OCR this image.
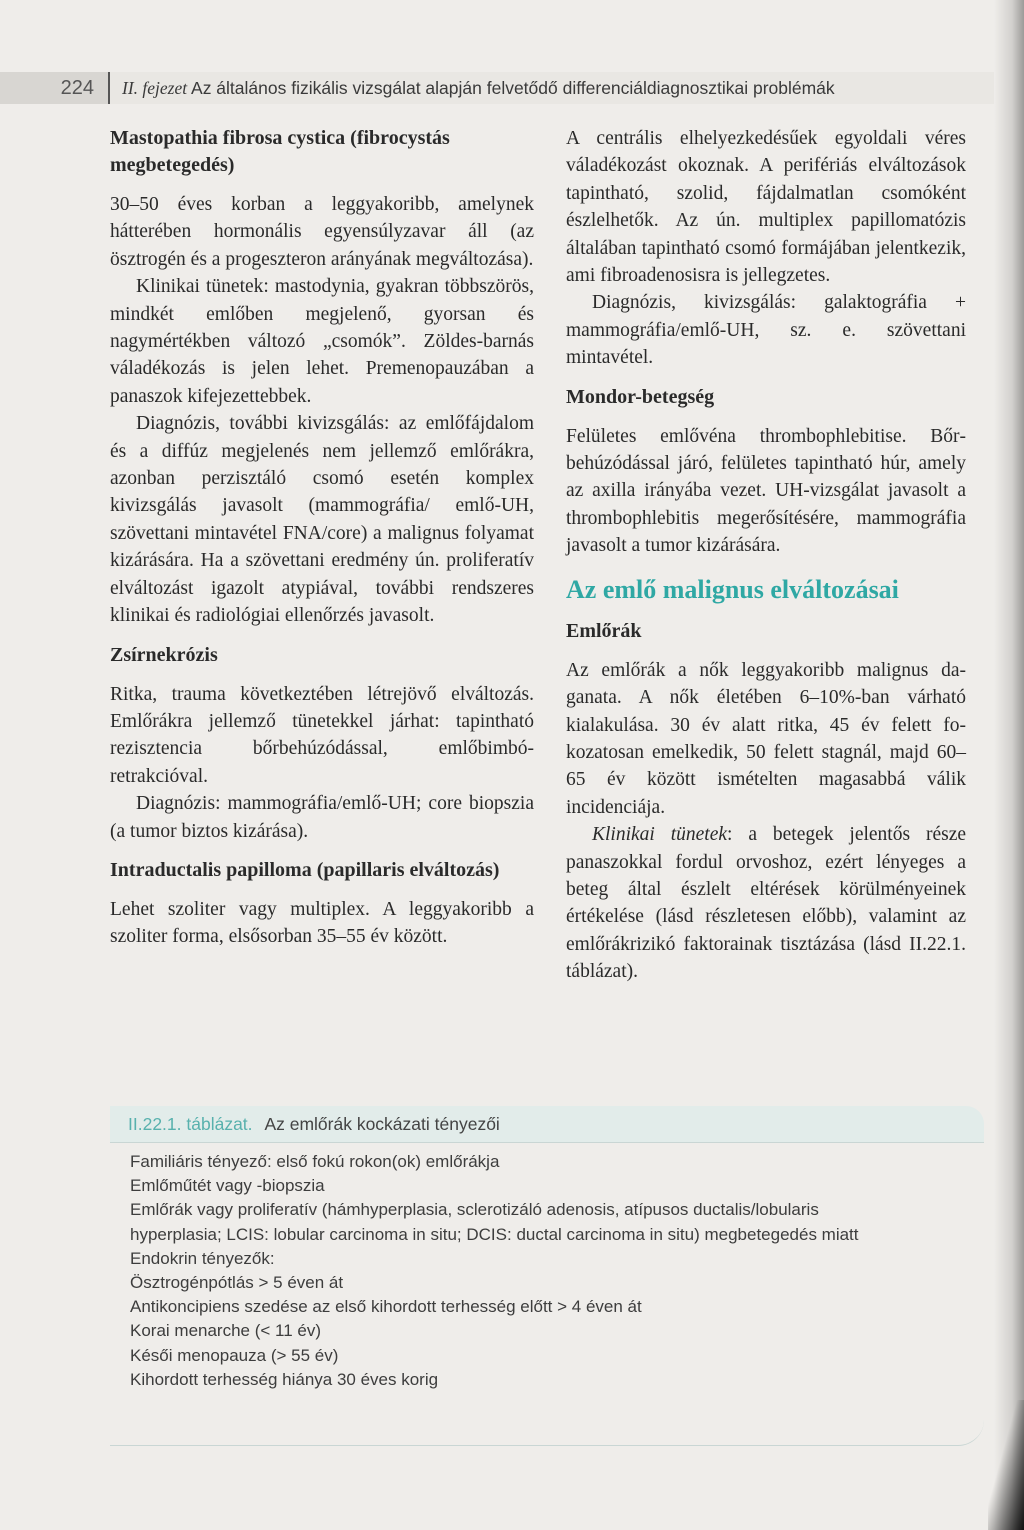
224	II. fejezet Az általános fizikális vizsgálat alapján felvetődő differenciáldiagnosztikai problémák
Mastopathia fibrosa cystica (fibrocystás megbetegedés)

30–50 éves korban a leggyakoribb, amelynek hátterében hormonális egyensúlyzavar áll (az ösztrogén és a progeszteron arányának megváltozása).

Klinikai tünetek: mastodynia, gyakran többszörös, mindkét emlőben megjelenő, gyorsan és nagymértékben változó „csomók”. Zöldes-barnás váladékozás is jelen lehet. Premenopauzában a panaszok kifejezettebbek.

Diagnózis, további kivizsgálás: az emlőfájdalom és a diffúz megjelenés nem jellemző emlőrákra, azonban perzisztáló csomó esetén komplex kivizsgálás javasolt (mammográfia/ emlő-UH, szövettani mintavétel FNA/core) a malignus folyamat kizárására. Ha a szövettani eredmény ún. proliferatív elváltozást igazolt atypiával, további rendszeres klinikai és radiológiai ellenőrzés javasolt.

Zsírnekrózis

Ritka, trauma következtében létrejövő elváltozás. Emlőrákra jellemző tünetekkel járhat: tapintható rezisztencia bőrbehúzódással, emlőbimbó-retrakcióval.

Diagnózis: mammográfia/emlő-UH; core biopszia (a tumor biztos kizárása).

Intraductalis papilloma (papillaris elváltozás)

Lehet szoliter vagy multiplex. A leggyakoribb a szoliter forma, elsősorban 35–55 év között.

A centrális elhelyezkedésűek egyoldali véres váladékozást okoznak. A perifériás elváltozások tapintható, szolid, fájdalmatlan csomóként észlelhetők. Az ún. multiplex papillomatózis általában tapintható csomó formájában jelentkezik, ami fibroadenosisra is jellegzetes.

Diagnózis, kivizsgálás: galaktográfia + mammográfia/emlő-UH, sz. e. szövettani mintavétel.

Mondor-betegség

Felületes emlővéna thrombophlebitise. Bőrbehúzódással járó, felületes tapintható húr, amely az axilla irányába vezet. UH-vizsgálat javasolt a thrombophlebitis megerősítésére, mammográfia javasolt a tumor kizárására.

Az emlő malignus elváltozásai
Emlőrák

Az emlőrák a nők leggyakoribb malignus daganata. A nők életében 6–10%-ban várható kialakulása. 30 év alatt ritka, 45 év felett fokozatosan emelkedik, 50 felett stagnál, majd 60–65 év között ismételten magasabbá válik incidenciája.

Klinikai tünetek: a betegek jelentős része panaszokkal fordul orvoshoz, ezért lényeges a beteg által észlelt eltérések körülményeinek értékelése (lásd részletesen előbb), valamint az emlőrákrizikó faktorainak tisztázása (lásd II.22.1. táblázat).

II.22.1. táblázat. Az emlőrák kockázati tényezői
Familiáris tényező: első fokú rokon(ok) emlőrákja
Emlőműtét vagy -biopszia
Emlőrák vagy proliferatív (hámhyperplasia, sclerotizáló adenosis, atípusos ductalis/lobularis
hyperplasia; LCIS: lobular carcinoma in situ; DCIS: ductal carcinoma in situ) megbetegedés miatt
Endokrin tényezők:
Ösztrogénpótlás > 5 éven át
Antikoncipiens szedése az első kihordott terhesség előtt > 4 éven át
Korai menarche (< 11 év)
Késői menopauza (> 55 év)
Kihordott terhesség hiánya 30 éves korig
